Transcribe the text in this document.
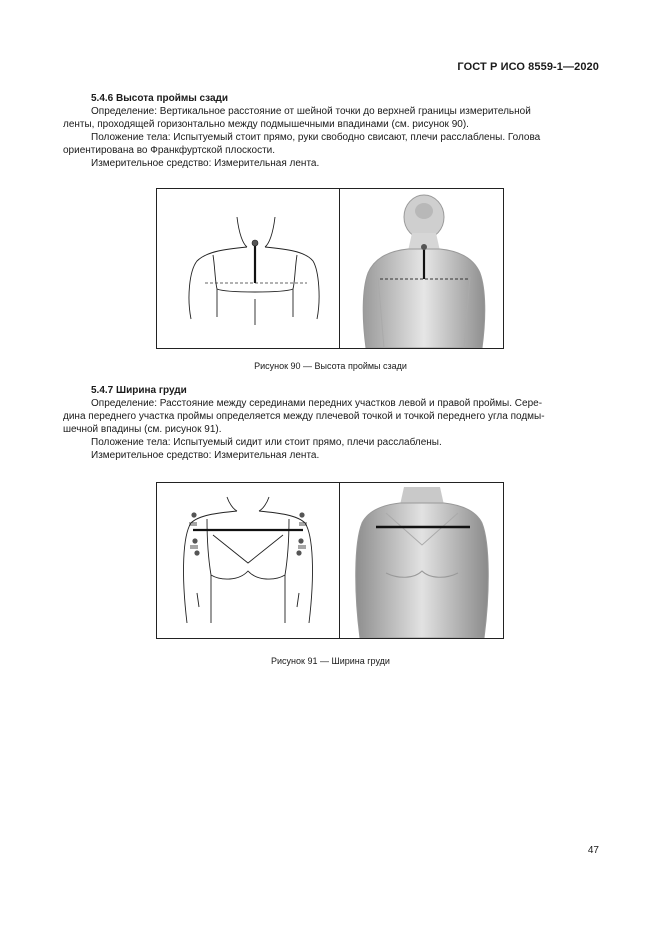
ГОСТ Р ИСО 8559-1—2020
5.4.6 Высота проймы сзади

Определение: Вертикальное расстояние от шейной точки до верхней границы измерительной

ленты, проходящей горизонтально между подмышечными впадинами (см. рисунок 90).

Положение тела: Испытуемый стоит прямо, руки свободно свисают, плечи расслаблены. Голова

ориентирована во Франкфуртской плоскости.

Измерительное средство: Измерительная лента.

Рисунок 90 — Высота проймы сзади
5.4.7 Ширина груди

Определение: Расстояние между серединами передних участков левой и правой проймы. Сере-

дина переднего участка проймы определяется между плечевой точкой и точкой переднего угла подмы-

шечной впадины (см. рисунок 91).

Положение тела: Испытуемый сидит или стоит прямо, плечи расслаблены.

Измерительное средство: Измерительная лента.

Рисунок 91 — Ширина груди
47
